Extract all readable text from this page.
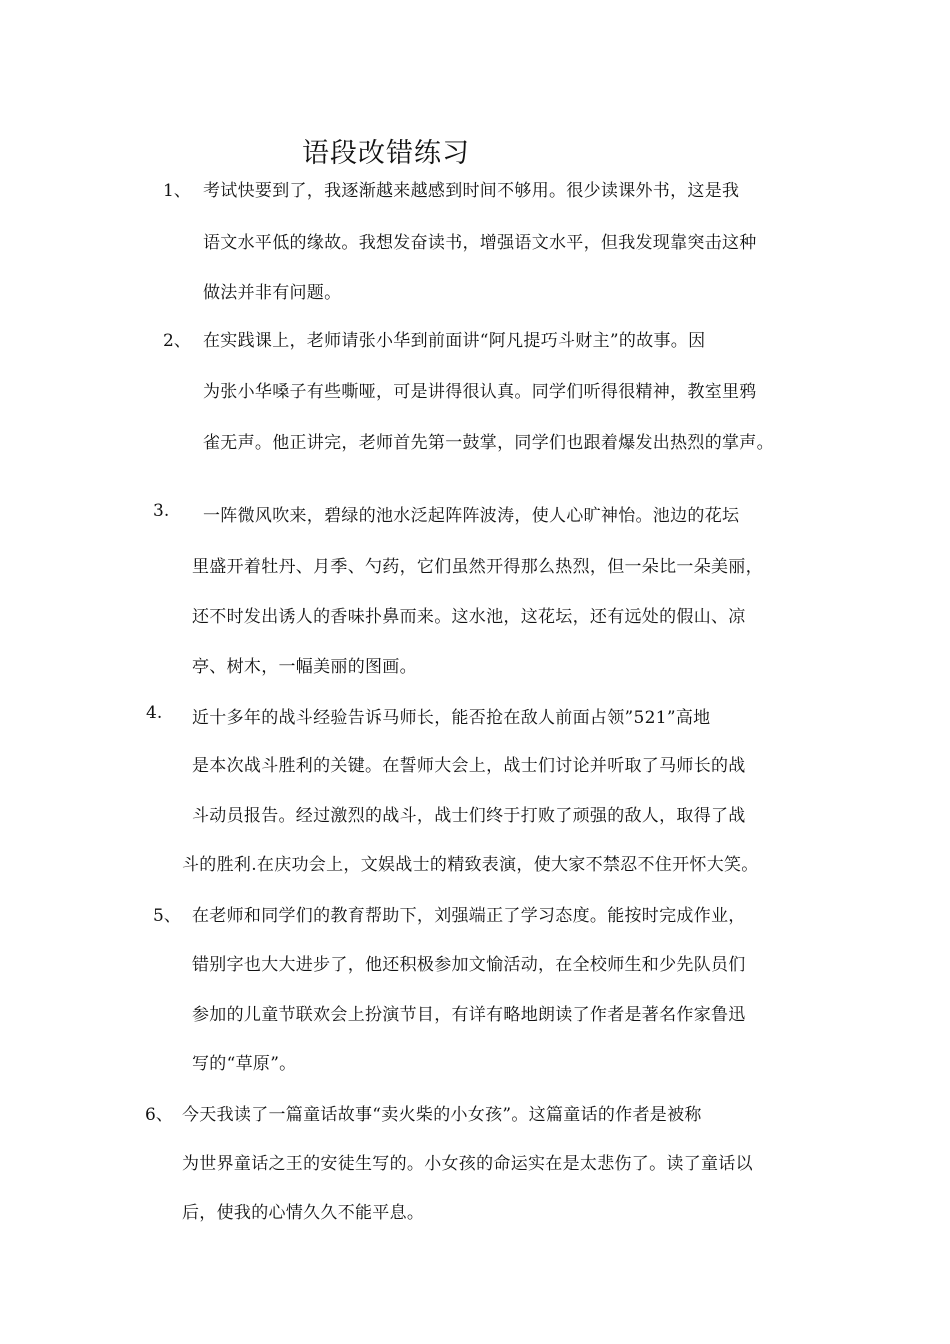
语段改错练习
1、 考试快要到了，我逐渐越来越感到时间不够用。很少读课外书，这是我
语文水平低的缘故。我想发奋读书，增强语文水平，但我发现靠突击这种
做法并非有问题。
2、 在实践课上，老师请张小华到前面讲“阿凡提巧斗财主”的故事。因
为张小华嗓子有些嘶哑，可是讲得很认真。同学们听得很精神，教室里鸦
雀无声。他正讲完，老师首先第一鼓掌，同学们也跟着爆发出热烈的掌声。
3. 一阵微风吹来，碧绿的池水泛起阵阵波涛，使人心旷神怡。池边的花坛
里盛开着牡丹、月季、勺药，它们虽然开得那么热烈，但一朵比一朵美丽，
还不时发出诱人的香味扑鼻而来。这水池，这花坛，还有远处的假山、凉
亭、树木，一幅美丽的图画。
4. 近十多年的战斗经验告诉马师长，能否抢在敌人前面占领”521”高地
是本次战斗胜利的关键。在誓师大会上，战士们讨论并听取了马师长的战
斗动员报告。经过激烈的战斗，战士们终于打败了顽强的敌人，取得了战
斗的胜利.在庆功会上，文娱战士的精致表演，使大家不禁忍不住开怀大笑。
5、 在老师和同学们的教育帮助下，刘强端正了学习态度。能按时完成作业，
错别字也大大进步了，他还积极参加文愉活动，在全校师生和少先队员们
参加的儿童节联欢会上扮演节目，有详有略地朗读了作者是著名作家鲁迅
写的“草原”。
6、 今天我读了一篇童话故事“卖火柴的小女孩”。这篇童话的作者是被称
为世界童话之王的安徒生写的。小女孩的命运实在是太悲伤了。读了童话以
后，使我的心情久久不能平息。
